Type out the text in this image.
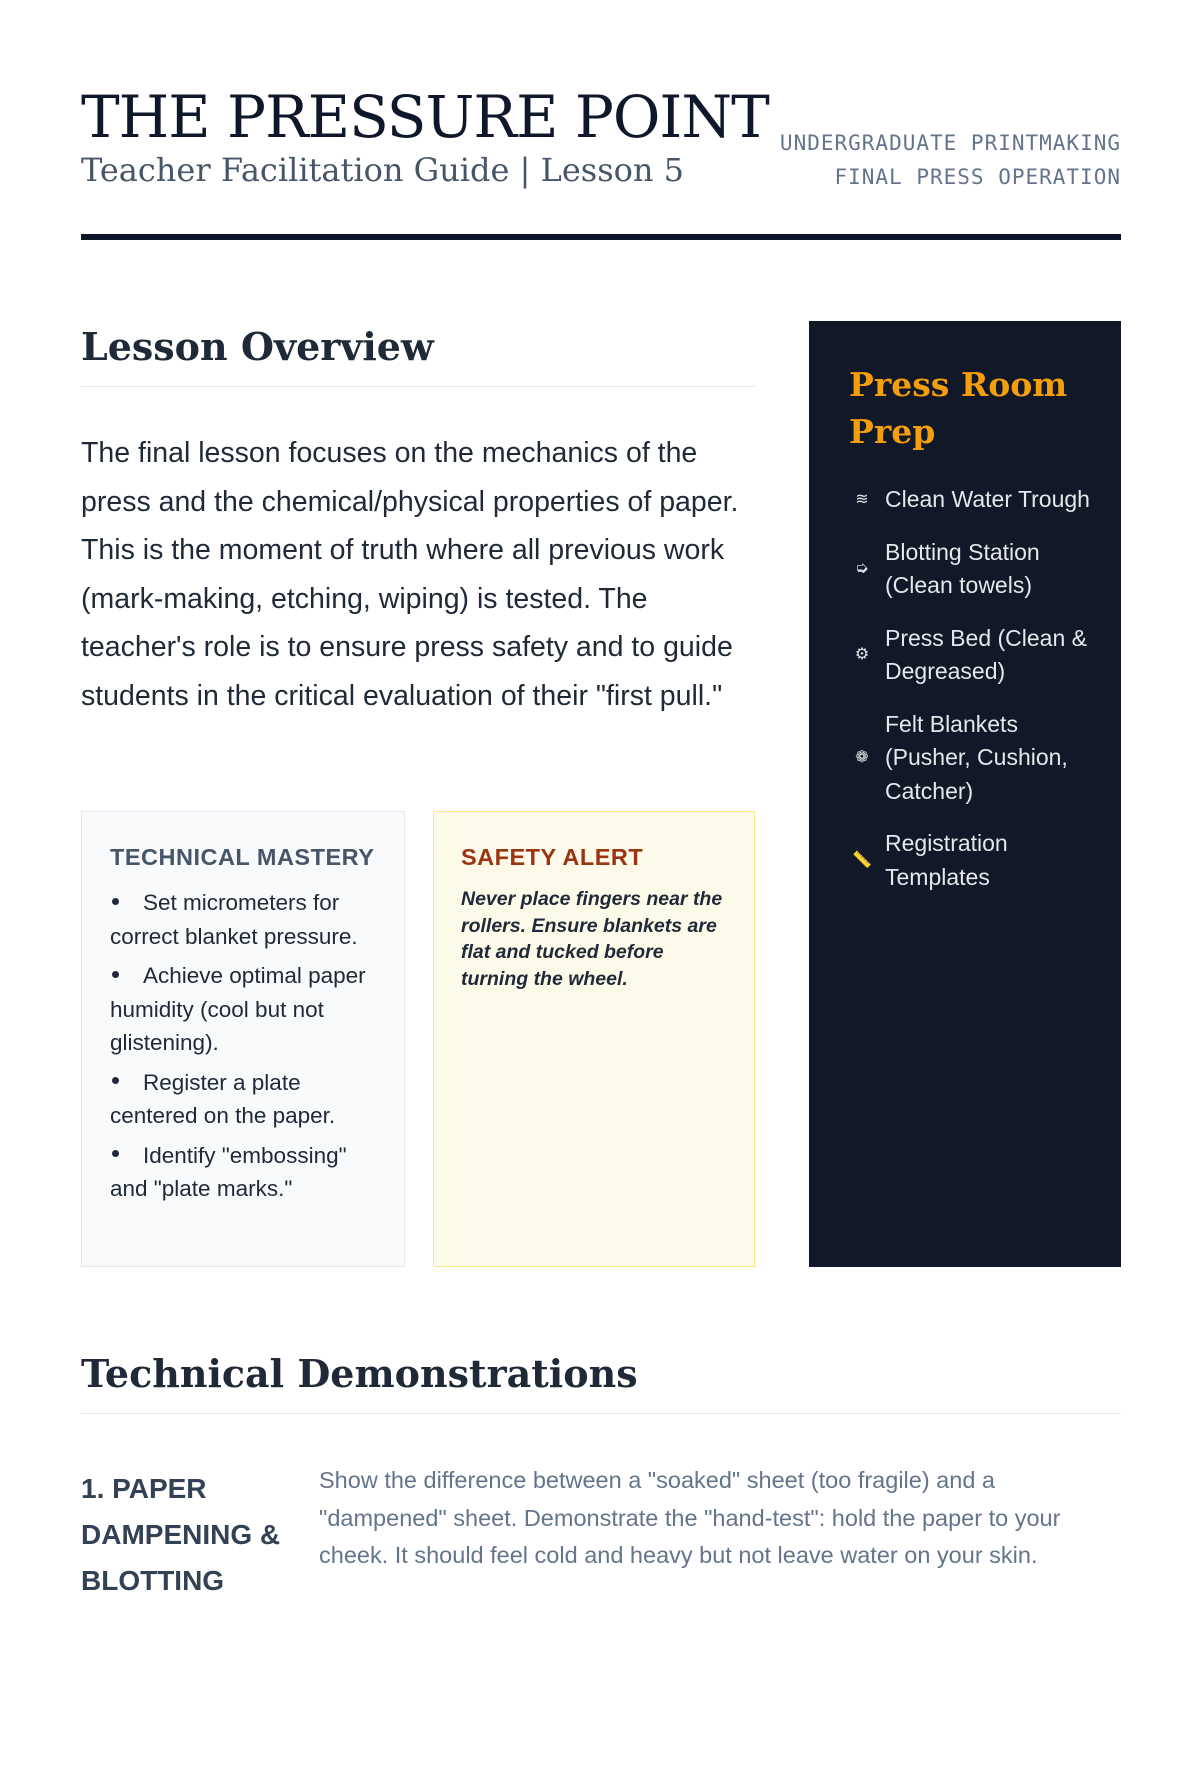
THE PRESSURE POINT
Teacher Facilitation Guide | Lesson 5
UNDERGRADUATE PRINTMAKING
FINAL PRESS OPERATION
Lesson Overview

The final lesson focuses on the mechanics of the press and the chemical/physical properties of paper. This is the moment of truth where all previous work (mark-making, etching, wiping) is tested. The teacher's role is to ensure press safety and to guide students in the critical evaluation of their "first pull."

TECHNICAL MASTERY
Set micrometers for correct blanket pressure.
Achieve optimal paper humidity (cool but not glistening).
Register a plate centered on the paper.
Identify "embossing" and "plate marks."
SAFETY ALERT
Never place fingers near the rollers. Ensure blankets are flat and tucked before turning the wheel.
Press Room Prep
≋ Clean Water Trough
➭
Blotting Station (Clean towels)
⚙
Press Bed (Clean & Degreased)
❁
Felt Blankets (Pusher, Cushion, Catcher)
📏
Registration Templates
Technical Demonstrations
1. PAPER DAMPENING & BLOTTING
Show the difference between a "soaked" sheet (too fragile) and a "dampened" sheet. Demonstrate the "hand-test": hold the paper to your cheek. It should feel cold and heavy but not leave water on your skin.
